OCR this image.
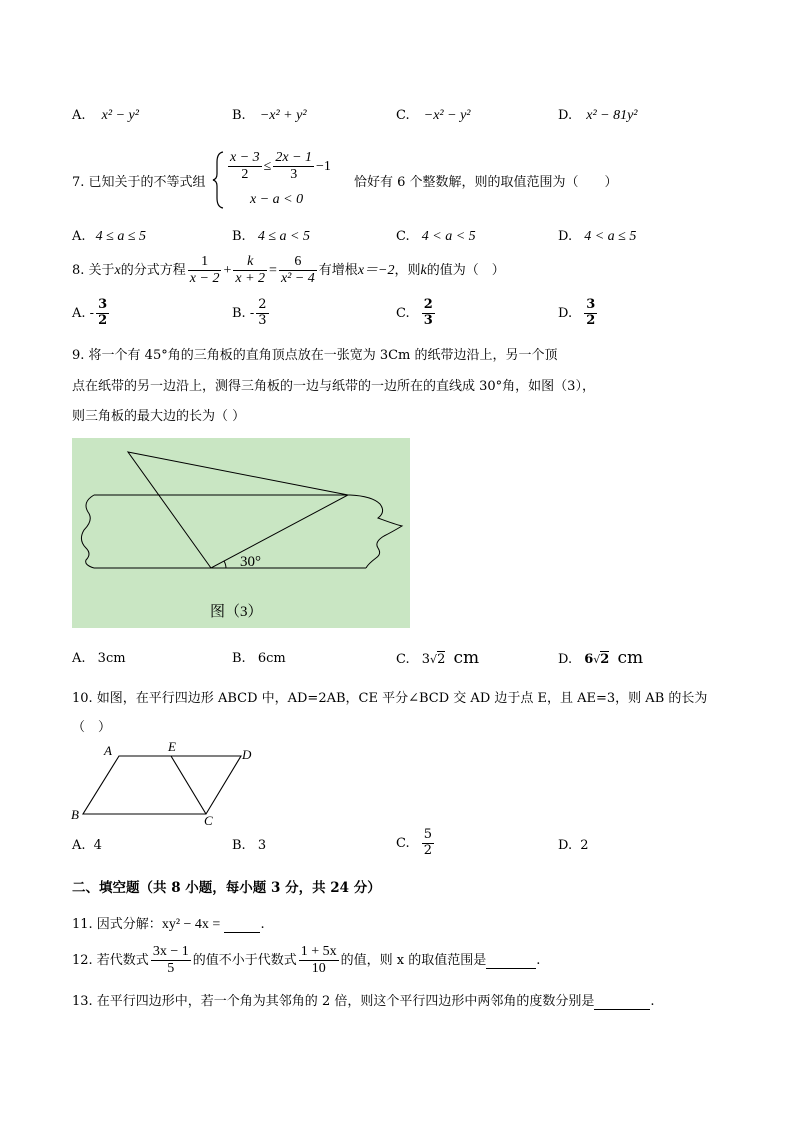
A. x² − y²	B. −x² + y²	C. −x² − y²	D. x² − 81y²
7. 已知关于的不等式组 $\frac{x - 3}{2} \le \frac{2x - 1}{3} -1$
x − a < 0
恰好有 6 个整数解，则的取值范围为（　　）
A. 4 ≤ a ≤ 5	B. 4 ≤ a < 5	C. 4 < a < 5	D. 4 < a ≤ 5
8. 关于x的分式方程 $\frac{1}{x - 2} + \frac{k}{x + 2} = \frac{6}{\text{x² − 4}}$ 有增根x＝−2，则k的值为（　）
A. - $\frac{3}{2}$	B. - $\frac{2}{3}$	C. $\frac{2}{3}$	D. $\frac{3}{2}$
9. 将一个有 45°角的三角板的直角顶点放在一张宽为 3Cm 的纸带边沿上，另一个顶
点在纸带的另一边沿上，测得三角板的一边与纸带的一边所在的直线成 30°角，如图（3），
则三角板的最大边的长为（ ）
30°
图（3）
A. 3cm	B. 6cm	C. 3√2 cm	D. 6√2 cm
10. 如图，在平行四边形 ABCD 中，AD=2AB，CE 平分∠BCD 交 AD 边于点 E，且 AE=3，则 AB 的长为
（　）
A	E
D
B	C
A. 4	B. 3	C. $\frac{5}{2}$	D. 2
二、填空题（共 8 小题，每小题 3 分，共 24 分）
11. 因式分解：xy² − 4x =	.
12. 若代数式 $\frac{3x - 1}{5}$ 的值不小于代数式 $\frac{1 + 5x}{10}$ 的值，则 x 的取值范围是	.
13. 在平行四边形中，若一个角为其邻角的 2 倍，则这个平行四边形中两邻角的度数分别是	.
